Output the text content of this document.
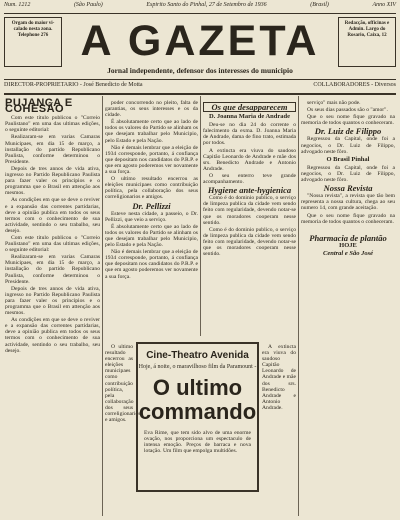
Num. 1212	(São Paulo)	Espirito Santo do Pinhal, 27 de Setembro de 1936	(Brasil)	Anno XIV
Orgam do maior vi-calado nesta zona. Telephone 276 A GAZETA	Redacção, officinas e Admin. Largo do Rosario, Caixa, 12
Jornal independente, defensor dos interesses do municipio
DIRECTOR-PROPRIETARIO - José Benedicto de Motta	COLLABORADORES - Diversos
PUJANÇA E COHESÃO

Com este titulo publicou o "Correio Paulistano" em uma das ultimas edições, o seguinte editorial:

Realizaram-se em varias Camaras Municipaes, em dia 15 de março, a installação do partido Republicano Paulista, conforme determinou o Presidente.

Depois de tres annos de vida ativa, ingresso no Partido Republicano Paulista para fazer valer os principios e o programma que o Brasil em attenção aos mesmos.

As condições em que se deve o reviver e a expansão das correntes partidarias, deve a opinião publica em todos os seus termos com o conhecimento de sua actividade, sentindo o seu trabalho, seu desejo.

Com este titulo publicou o "Correio Paulistano" em uma das ultimas edições, o seguinte editorial:

Realizaram-se em varias Camaras Municipaes, em dia 15 de março, a installação do partido Republicano Paulista, conforme determinou o Presidente.

Depois de tres annos de vida ativa, ingresso no Partido Republicano Paulista para fazer valer os principios e o programma que o Brasil em attenção aos mesmos.

As condições em que se deve o reviver e a expansão das correntes partidarias, deve a opinião publica em todos os seus termos com o conhecimento de sua actividade, sentindo o seu trabalho, seu desejo.

poder concorrendo no pleito, falta de garantias, os seus interesses e os da cidade.

É absolutamente certo que ao lado de todos os valores do Partido se alinham os que desejam trabalhar pelo Municipio, pelo Estado e pela Nação.

Não é demais lembrar que a eleição de 1934 corresponde, portanto, á confiança que depositam nos candidatos do P.R.P. e que em agosto poderemos ver novamente a sua força.

O ultimo resultado encerrou as eleições municipaes como contribuição política, pela collaboração dos seus correligionarios e amigos.

Dr. Pellizzi

Esteve nesta cidade, a passeio, o Dr. Pellizzi, que veio a serviço.

É absolutamente certo que ao lado de todos os valores do Partido se alinham os que desejam trabalhar pelo Municipio, pelo Estado e pela Nação.

Não é demais lembrar que a eleição de 1934 corresponde, portanto, á confiança que depositam nos candidatos do P.R.P. e que em agosto poderemos ver novamente a sua força.

Os que desapparecem
D. Joanna Maria de Andrade

Deu-se no dia 24 do corrente o falecimento da exma. D. Joanna Maria de Andrade, dama de fino trato, estimada por todos.

A extincta era viuva do saudoso Capitão Leonardo de Andrade e mãe dos srs. Benedicto Andrade e Antonio Andrade.

O seu enterro teve grande acompanhamento.

Hygiene ante-hygienica

Como é do dominio publico, o serviço de limpeza publica da cidade vem sendo feito com regularidade, devendo notar-se que os moradores cooperam nesse sentido.

Como é do dominio publico, o serviço de limpeza publica da cidade vem sendo feito com regularidade, devendo notar-se que os moradores cooperam nesse sentido.

O ultimo resultado encerrou as eleições municipaes como contribuição política, pela collaboração dos seus correligionarios e amigos.

A extincta era viuva do saudoso Capitão Leonardo de Andrade e mãe dos srs. Benedicto Andrade e Antonio Andrade.

serviço" mais não pode.

Os seus dias passados são o "amor".

Que o seu nome fique gravado na memoria de todos quantos o conheceram.

Dr. Luiz de Filippo

Regressou da Capital, onde foi a negocios, o Dr. Luiz de Filippo, advogado neste fôro.

O Brasil Pinhal

Regressou da Capital, onde foi a negocios, o Dr. Luiz de Filippo, advogado neste fôro.

Nossa Revista

"Nossa revista", a revista que tão bem representa a nossa cultura, chega ao seu numero 14, com grande aceitação.

Que o seu nome fique gravado na memoria de todos quantos o conheceram.

Pharmacia de plantão
HOJE
Central e São José
Cine-Theatro Avenida
Hoje, á noite, o maravilhoso film da Paramount -
O ultimo commando
Eva Rime, que tem sido alvo de uma enorme ovação, nos proporciona um espectaculo de intensa emoção. Preços de barraca e nova lotação. Um film que empolga multidões.
